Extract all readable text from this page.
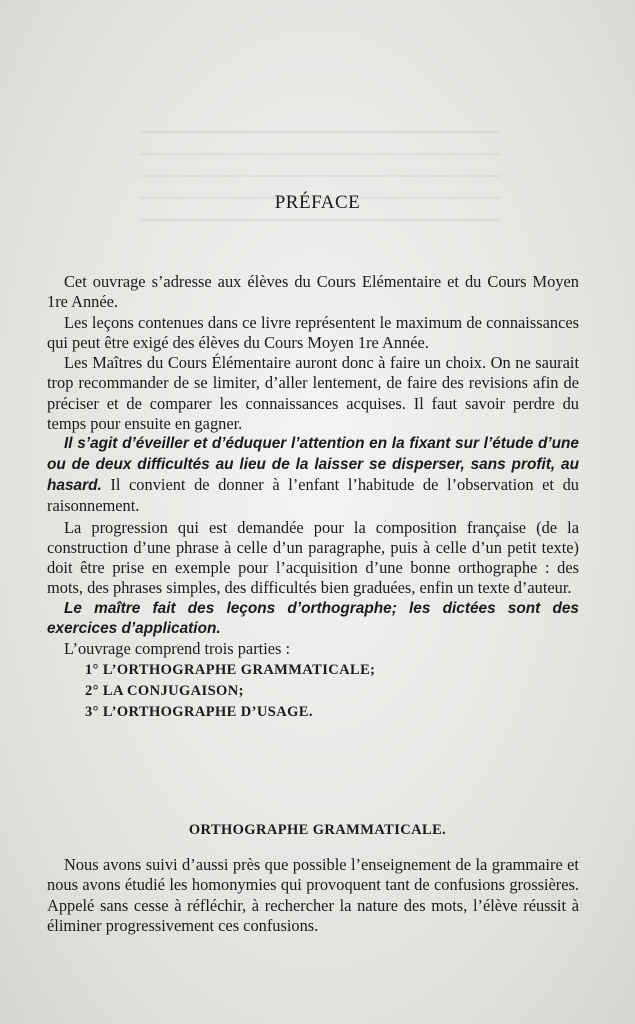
PRÉFACE

Cet ouvrage s’adresse aux élèves du Cours Elémentaire et du Cours Moyen 1re Année.

Les leçons contenues dans ce livre représentent le maximum de connaissances qui peut être exigé des élèves du Cours Moyen 1re Année.

Les Maîtres du Cours Élémentaire auront donc à faire un choix. On ne saurait trop recommander de se limiter, d’aller lentement, de faire des revisions afin de préciser et de comparer les connaissances acquises. Il faut savoir perdre du temps pour ensuite en gagner.

Il s’agit d’éveiller et d’éduquer l’attention en la fixant sur l’étude d’une ou de deux difficultés au lieu de la laisser se disperser, sans profit, au hasard. Il convient de donner à l’enfant l’habitude de l’observation et du raisonnement.

La progression qui est demandée pour la composition française (de la construction d’une phrase à celle d’un paragraphe, puis à celle d’un petit texte) doit être prise en exemple pour l’acquisition d’une bonne orthographe : des mots, des phrases simples, des difficultés bien graduées, enfin un texte d’auteur.

Le maître fait des leçons d’orthographe; les dictées sont des exercices d’application.

L’ouvrage comprend trois parties :

1° L’ORTHOGRAPHE GRAMMATICALE;
2° LA CONJUGAISON;
3° L’ORTHOGRAPHE D’USAGE.
ORTHOGRAPHE GRAMMATICALE.

Nous avons suivi d’aussi près que possible l’enseignement de la grammaire et nous avons étudié les homonymies qui provoquent tant de confusions grossières. Appelé sans cesse à réfléchir, à rechercher la nature des mots, l’élève réussit à éliminer progressivement ces confusions.
